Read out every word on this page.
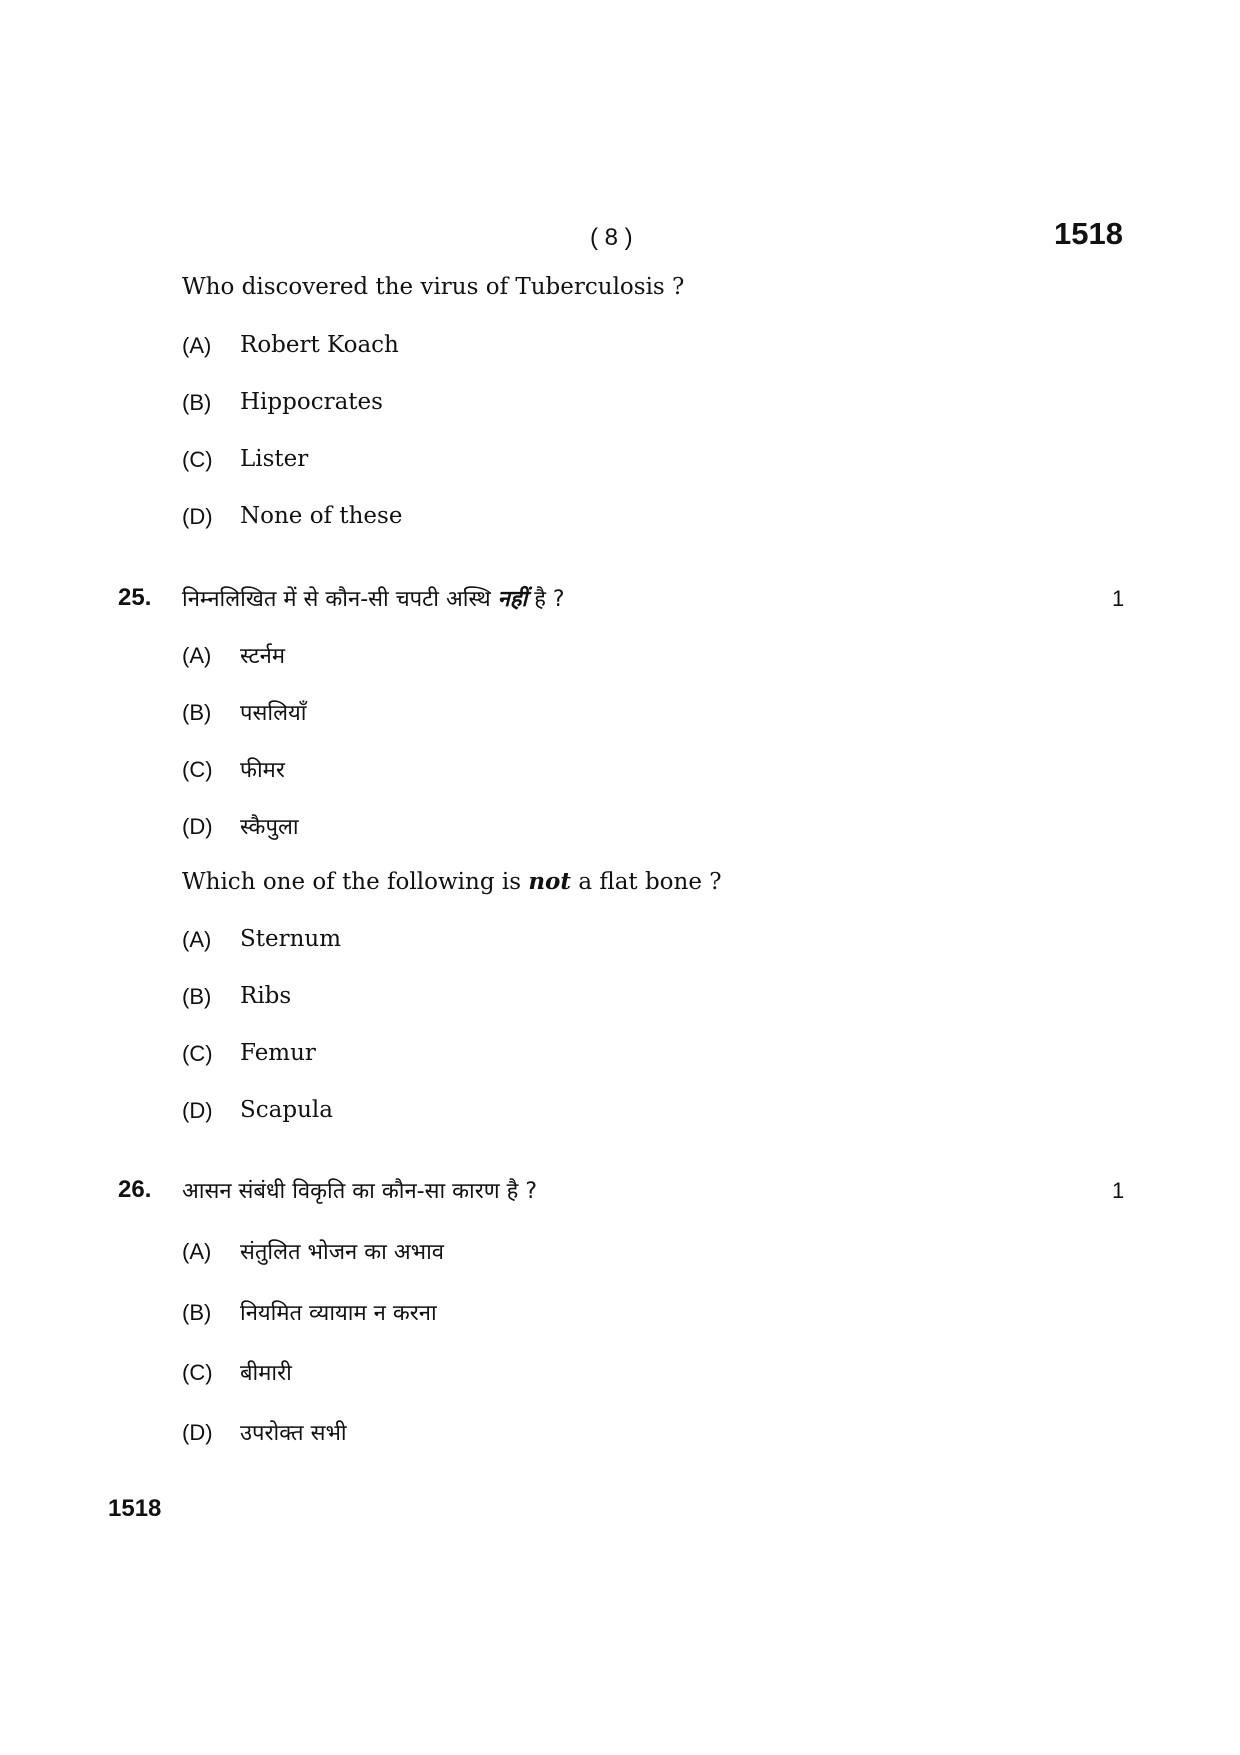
( 8 )	1518
Who discovered the virus of Tuberculosis ?
(A) Robert Koach
(B) Hippocrates
(C) Lister
(D) None of these
25. निम्नलिखित में से कौन-सी चपटी अस्थि नहीं है ?	1
(A) स्टर्नम
(B) पसलियाँ
(C) फीमर
(D) स्कैपुला
Which one of the following is not a flat bone ?
(A) Sternum
(B) Ribs
(C) Femur
(D) Scapula
26. आसन संबंधी विकृति का कौन-सा कारण है ?	1
(A) संतुलित भोजन का अभाव
(B) नियमित व्यायाम न करना
(C) बीमारी
(D) उपरोक्त सभी
1518
